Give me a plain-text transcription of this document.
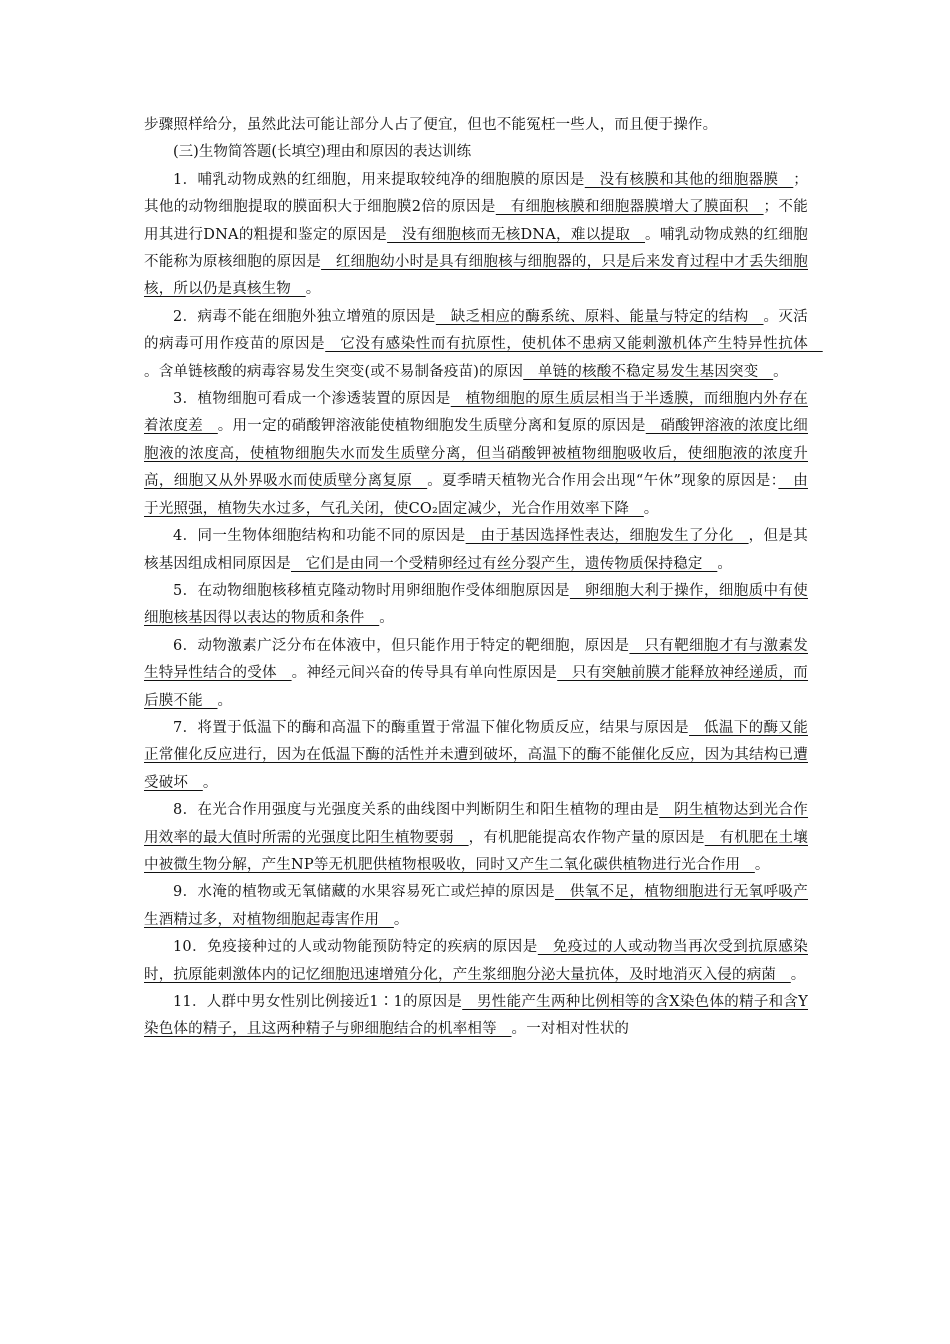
步骤照样给分，虽然此法可能让部分人占了便宜，但也不能冤枉一些人，而且便于操作。

(三)生物简答题(长填空)理由和原因的表达训练

1．哺乳动物成熟的红细胞，用来提取较纯净的细胞膜的原因是　没有核膜和其他的细胞器膜　；其他的动物细胞提取的膜面积大于细胞膜2倍的原因是　有细胞核膜和细胞器膜增大了膜面积　；不能用其进行DNA的粗提和鉴定的原因是　没有细胞核而无核DNA，难以提取　。哺乳动物成熟的红细胞不能称为原核细胞的原因是　红细胞幼小时是具有细胞核与细胞器的，只是后来发育过程中才丢失细胞核，所以仍是真核生物　。

2．病毒不能在细胞外独立增殖的原因是　缺乏相应的酶系统、原料、能量与特定的结构　。灭活的病毒可用作疫苗的原因是　它没有感染性而有抗原性，使机体不患病又能刺激机体产生特异性抗体　。含单链核酸的病毒容易发生突变(或不易制备疫苗)的原因　单链的核酸不稳定易发生基因突变　。

3．植物细胞可看成一个渗透装置的原因是　植物细胞的原生质层相当于半透膜，而细胞内外存在着浓度差　。用一定的硝酸钾溶液能使植物细胞发生质壁分离和复原的原因是　硝酸钾溶液的浓度比细胞液的浓度高，使植物细胞失水而发生质壁分离，但当硝酸钾被植物细胞吸收后，使细胞液的浓度升高，细胞又从外界吸水而使质壁分离复原　。夏季晴天植物光合作用会出现“午休”现象的原因是：　由于光照强，植物失水过多，气孔关闭，使CO₂固定减少，光合作用效率下降　。

4．同一生物体细胞结构和功能不同的原因是　由于基因选择性表达，细胞发生了分化　，但是其核基因组成相同原因是　它们是由同一个受精卵经过有丝分裂产生，遗传物质保持稳定　。

5．在动物细胞核移植克隆动物时用卵细胞作受体细胞原因是　卵细胞大利于操作，细胞质中有使细胞核基因得以表达的物质和条件　。

6．动物激素广泛分布在体液中，但只能作用于特定的靶细胞，原因是　只有靶细胞才有与激素发生特异性结合的受体　。神经元间兴奋的传导具有单向性原因是　只有突触前膜才能释放神经递质，而后膜不能　。

7．将置于低温下的酶和高温下的酶重置于常温下催化物质反应，结果与原因是　低温下的酶又能正常催化反应进行，因为在低温下酶的活性并未遭到破坏，高温下的酶不能催化反应，因为其结构已遭受破坏　。

8．在光合作用强度与光强度关系的曲线图中判断阴生和阳生植物的理由是　阴生植物达到光合作用效率的最大值时所需的光强度比阳生植物要弱　，有机肥能提高农作物产量的原因是　有机肥在土壤中被微生物分解，产生NP等无机肥供植物根吸收，同时又产生二氧化碳供植物进行光合作用　。

9．水淹的植物或无氧储藏的水果容易死亡或烂掉的原因是　供氧不足，植物细胞进行无氧呼吸产生酒精过多，对植物细胞起毒害作用　。

10．免疫接种过的人或动物能预防特定的疾病的原因是　免疫过的人或动物当再次受到抗原感染时，抗原能刺激体内的记忆细胞迅速增殖分化，产生浆细胞分泌大量抗体，及时地消灭入侵的病菌　。

11．人群中男女性别比例接近1∶1的原因是　男性能产生两种比例相等的含X染色体的精子和含Y染色体的精子，且这两种精子与卵细胞结合的机率相等　。一对相对性状的
